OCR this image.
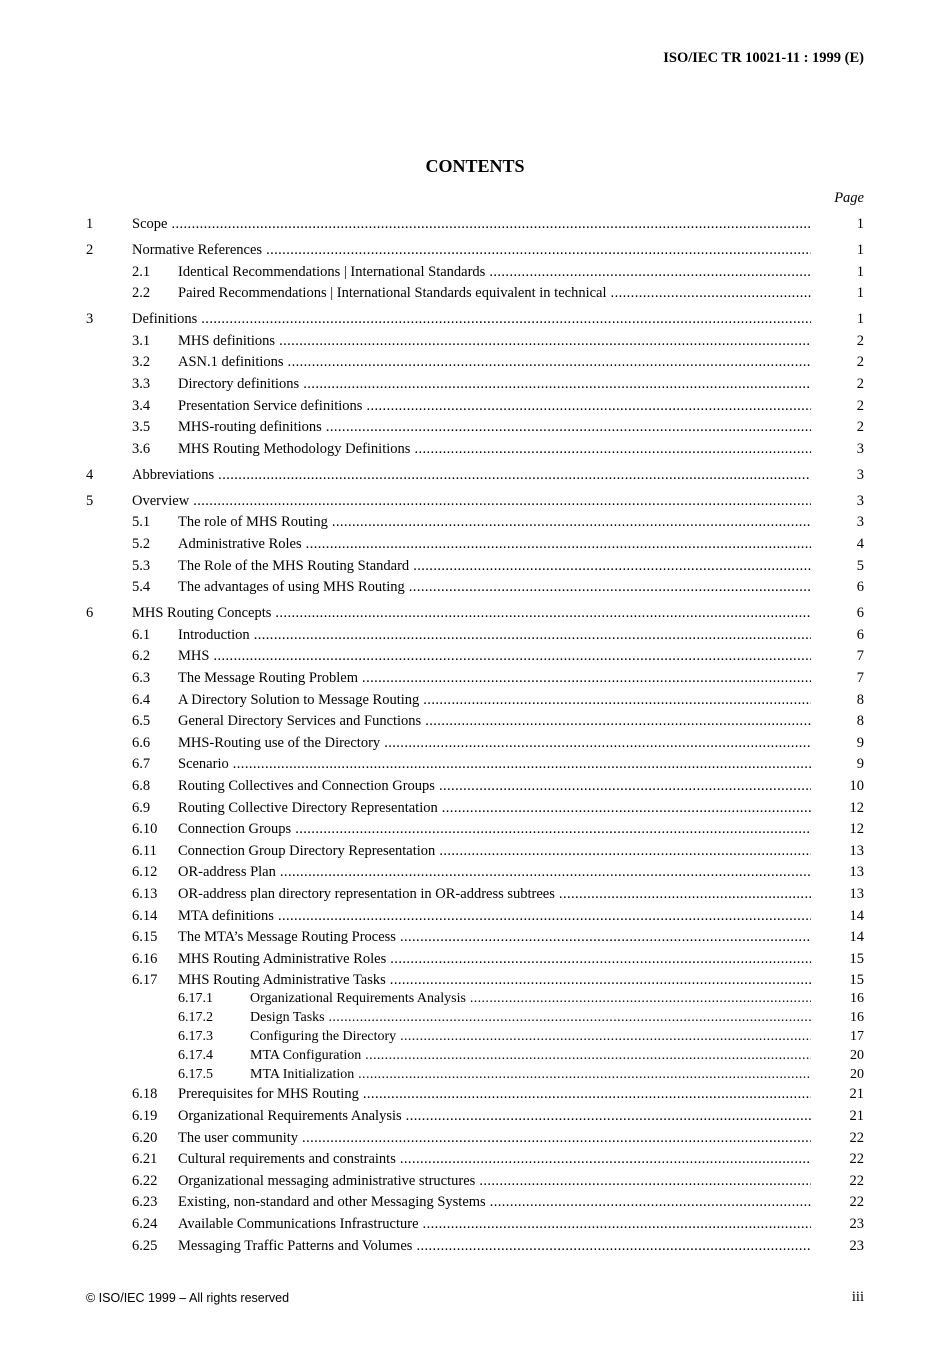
ISO/IEC TR 10021-11 : 1999 (E)
CONTENTS
Page
1	Scope .....	1
2	Normative References .....	1
2.1 Identical Recommendations | International Standards .....	1
2.2 Paired Recommendations | International Standards equivalent in technical .....	1
3	Definitions .....	1
3.1 MHS definitions .....	2
3.2 ASN.1 definitions .....	2
3.3 Directory definitions .....	2
3.4 Presentation Service definitions .....	2
3.5 MHS-routing definitions .....	2
3.6 MHS Routing Methodology Definitions .....	3
4	Abbreviations .....	3
5	Overview .....	3
5.1 The role of MHS Routing .....	3
5.2 Administrative Roles .....	4
5.3 The Role of the MHS Routing Standard .....	5
5.4 The advantages of using MHS Routing .....	6
6	MHS Routing Concepts .....	6
6.1 Introduction .....	6
6.2 MHS .....	7
6.3 The Message Routing Problem .....	7
6.4 A Directory Solution to Message Routing .....	8
6.5 General Directory Services and Functions .....	8
6.6 MHS-Routing use of the Directory .....	9
6.7 Scenario .....	9
6.8 Routing Collectives and Connection Groups .....	10
6.9 Routing Collective Directory Representation .....	12
6.10 Connection Groups .....	12
6.11 Connection Group Directory Representation .....	13
6.12 OR-address Plan .....	13
6.13 OR-address plan directory representation in OR-address subtrees .....	13
6.14 MTA definitions .....	14
6.15 The MTA’s Message Routing Process .....	14
6.16 MHS Routing Administrative Roles .....	15
6.17 MHS Routing Administrative Tasks .....	15
6.17.1	Organizational Requirements Analysis .....	16
6.17.2	Design Tasks .....	16
6.17.3	Configuring the Directory .....	17
6.17.4	MTA Configuration .....	20
6.17.5	MTA Initialization .....	20
6.18 Prerequisites for MHS Routing .....	21
6.19 Organizational Requirements Analysis .....	21
6.20 The user community .....	22
6.21 Cultural requirements and constraints .....	22
6.22 Organizational messaging administrative structures .....	22
6.23 Existing, non-standard and other Messaging Systems .....	22
6.24 Available Communications Infrastructure .....	23
6.25 Messaging Traffic Patterns and Volumes .....	23
© ISO/IEC 1999 – All rights reserved	iii
